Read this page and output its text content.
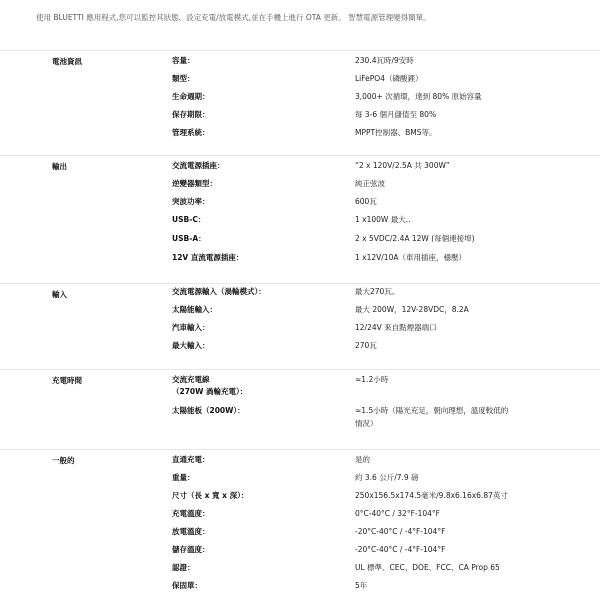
使用 BLUETTI 應用程式,您可以監控其狀態、設定充電/放電模式,並在手機上進行 OTA 更新。 智慧電源管理變得簡單。
電池資訊	容量：	230.4瓦時/9安時
類型：	LiFePO4（磷酸鋰）
生命週期：	3,000+ 次循環，達到 80% 原始容量
保存期限：	每 3-6 個月儲值至 80%
管理系統：	MPPT控制器、BMS等。
輸出	交流電源插座：	“2 x 120V/2.5A 共 300W”
逆變器類型：	純正弦波
突波功率：	600瓦
USB-C：	1 x100W 最大..
USB-A：	2 x 5VDC/2.4A 12W (每個連接埠)
12V 直流電源插座：	1 x12V/10A（車用插座，穩壓）
輸入	交流電源輸入（渦輪模式）：	最大270瓦。
太陽能輸入：	最大 200W，12V-28VDC，8.2A
汽車輸入：	12/24V 來自點煙器端口
最大輸入：	270瓦
充電時間	交流充電線	≈1.2小時
（270W 渦輪充電）：
太陽能板（200W）：	≈1.5小時（陽光充足，朝向理想，溫度較低的
情況）
一般的	直通充電：	是的
重量：	約 3.6 公斤/7.9 磅
尺寸（長 x 寬 x 深）：	250x156.5x174.5毫米/9.8x6.16x6.87英寸
充電溫度：	0°C-40°C / 32°F-104°F
放電溫度：	-20°C-40°C / -4°F-104°F
儲存溫度：	-20°C-40°C / -4°F-104°F
認證：	UL 標準、CEC、DOE、FCC、CA Prop 65
保固單：	5年
